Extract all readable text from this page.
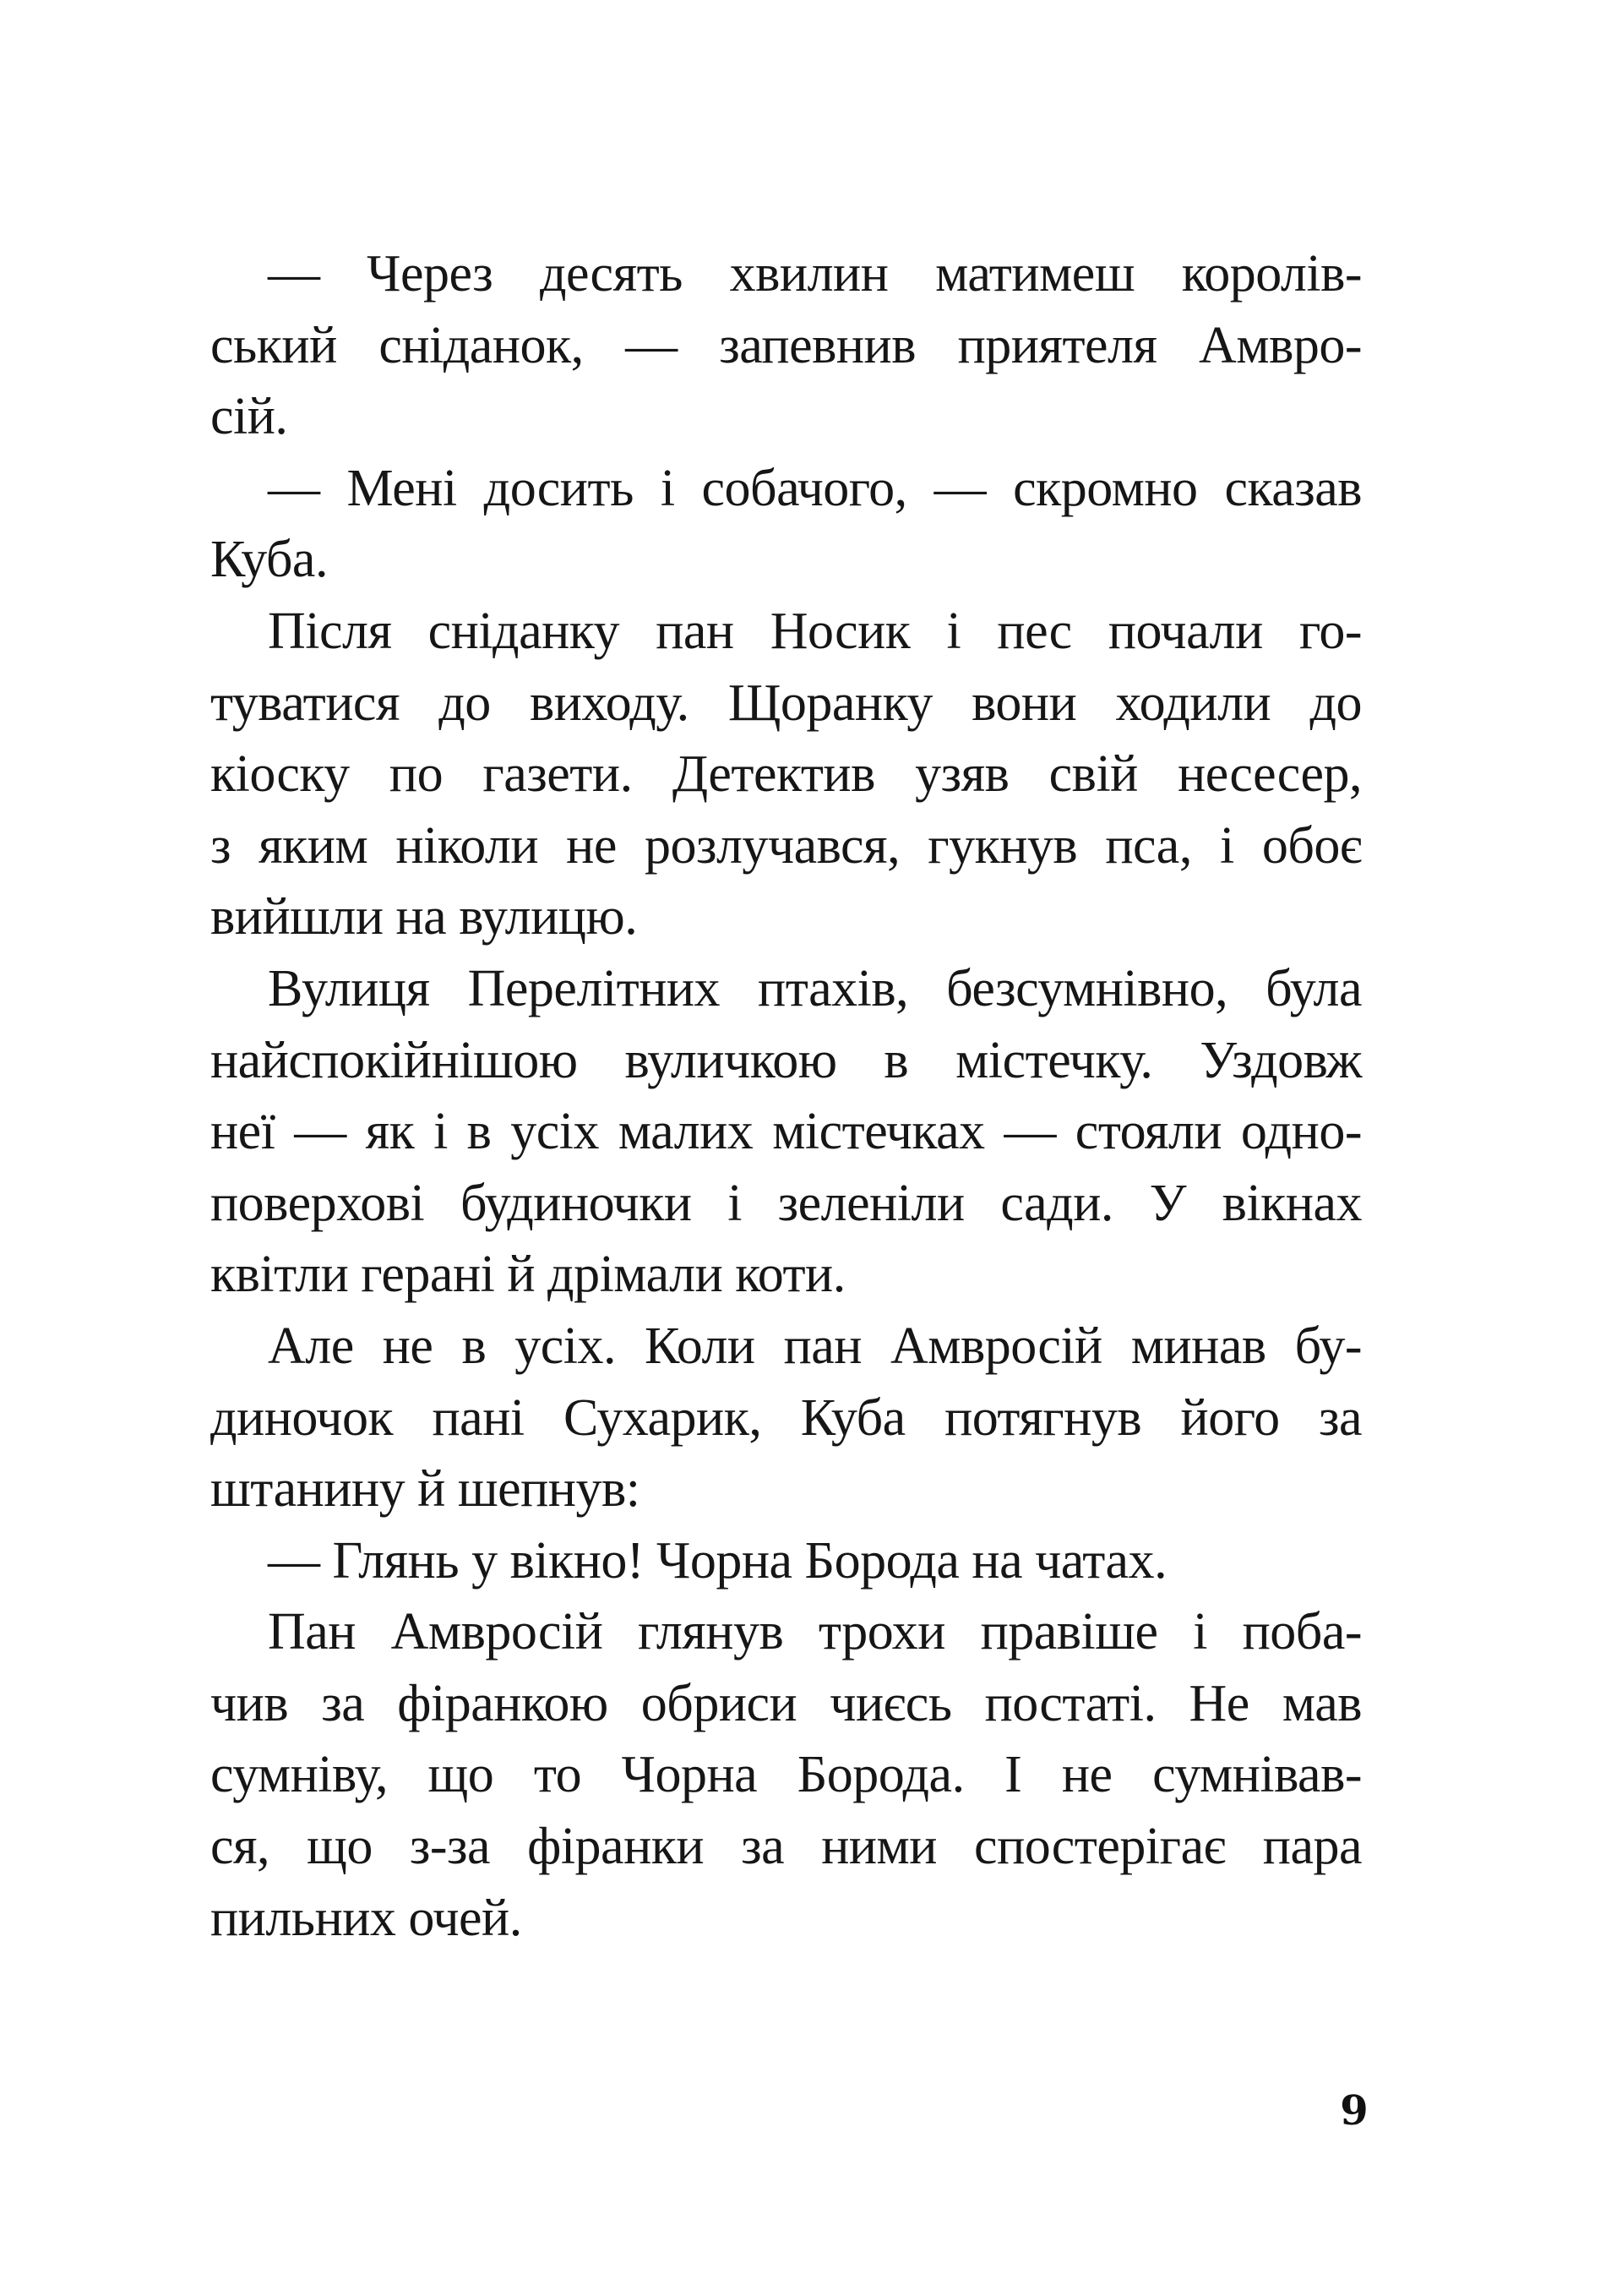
— Через десять хвилин матимеш королів-
ський сніданок, — запевнив приятеля Амвро-
сій.

— Мені досить і собачого, — скромно сказав
Куба.

Після сніданку пан Носик і пес почали го-
туватися до виходу. Щоранку вони ходили до
кіоску по газети. Детектив узяв свій несесер,
з яким ніколи не розлучався, гукнув пса, і обоє
вийшли на вулицю.

Вулиця Перелітних птахів, безсумнівно, була
найспокійнішою вуличкою в містечку. Уздовж
неї — як і в усіх малих містечках — стояли одно-
поверхові будиночки і зеленіли сади. У вікнах
квітли герані й дрімали коти.

Але не в усіх. Коли пан Амвросій минав бу-
диночок пані Сухарик, Куба потягнув його за
штанину й шепнув:

— Глянь у вікно! Чорна Борода на чатах.

Пан Амвросій глянув трохи правіше і поба-
чив за фіранкою обриси чиєсь постаті. Не мав
сумніву, що то Чорна Борода. І не сумнівав-
ся, що з-за фіранки за ними спостерігає пара
пильних очей.

9
